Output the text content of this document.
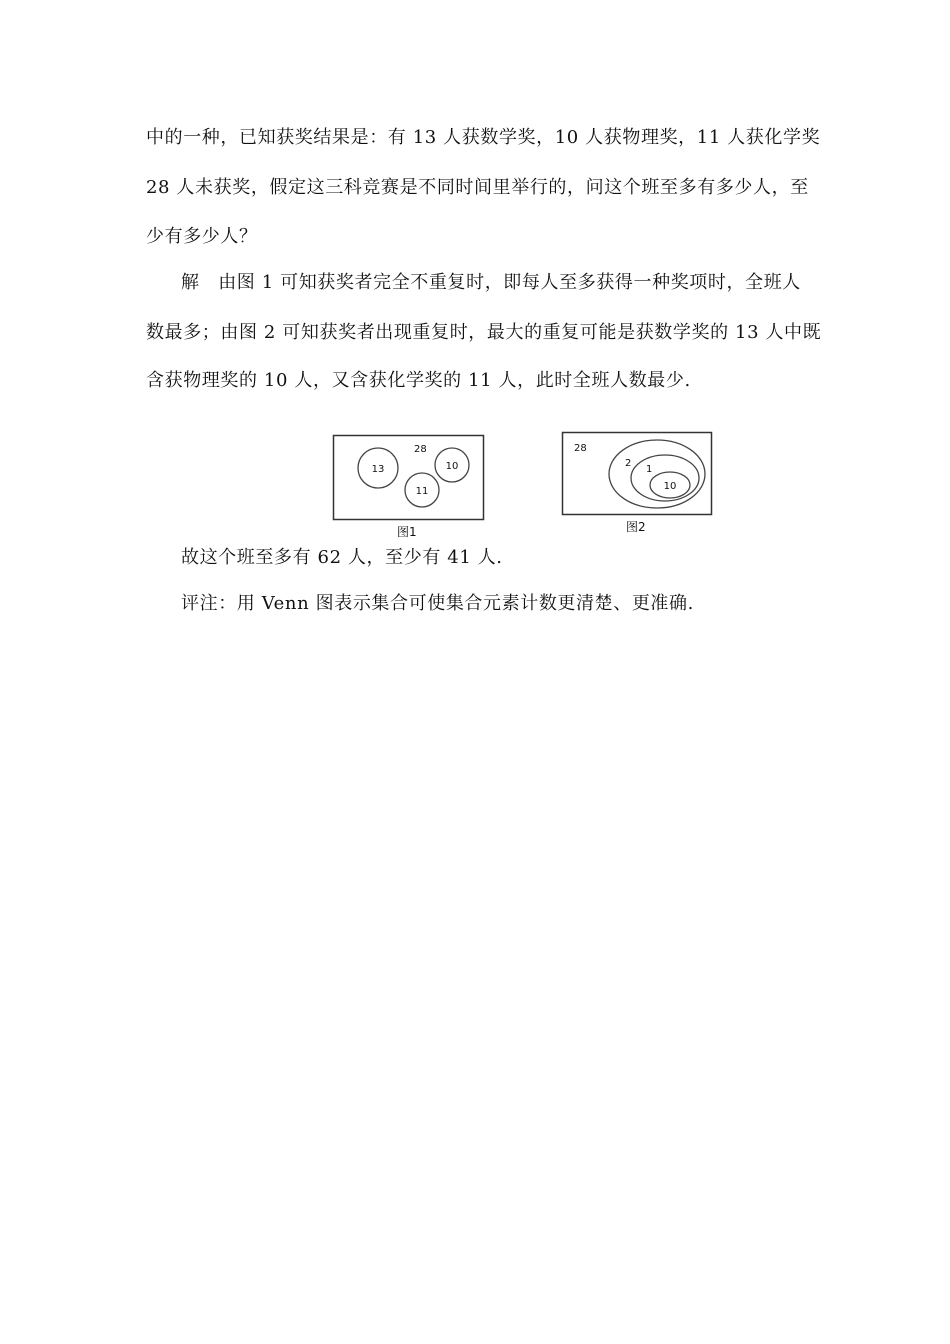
中的一种，已知获奖结果是：有 13 人获数学奖，10 人获物理奖，11 人获化学奖
28 人未获奖，假定这三科竞赛是不同时间里举行的，问这个班至多有多少人，至
少有多少人？
解　由图 1 可知获奖者完全不重复时，即每人至多获得一种奖项时，全班人
数最多；由图 2 可知获奖者出现重复时，最大的重复可能是获数学奖的 13 人中既
含获物理奖的 10 人，又含获化学奖的 11 人，此时全班人数最少.
28
13	10
11
图1
28
2
1
10
图2
故这个班至多有 62 人，至少有 41 人.
评注：用 Venn 图表示集合可使集合元素计数更清楚、更准确.
